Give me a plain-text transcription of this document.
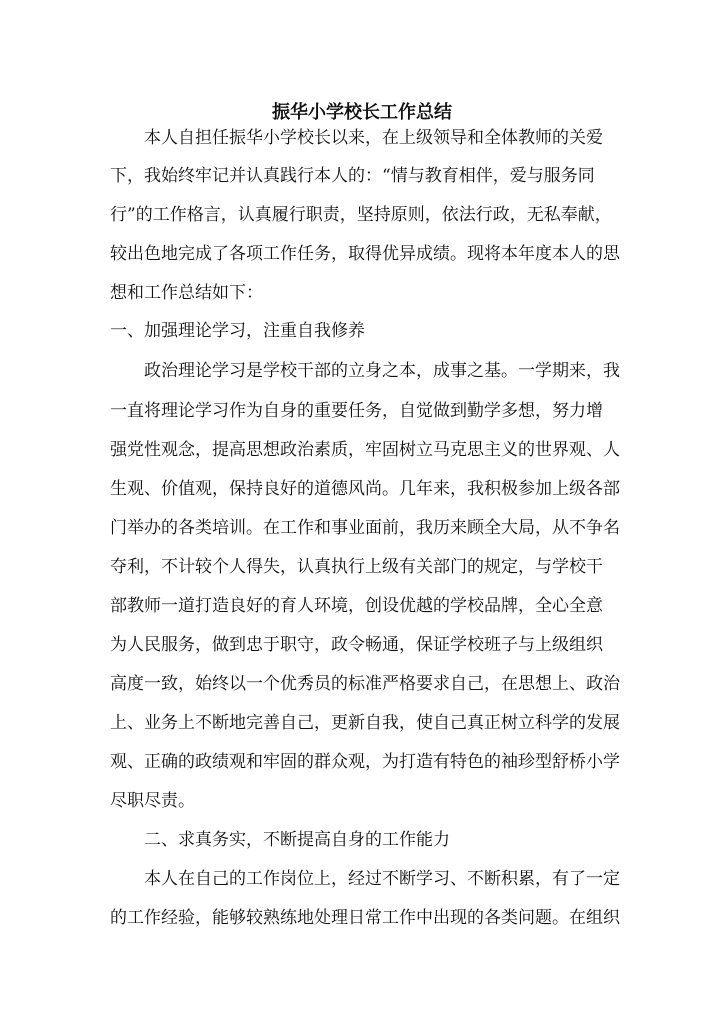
振华小学校长工作总结

本人自担任振华小学校长以来，在上级领导和全体教师的关爱

下，我始终牢记并认真践行本人的：“情与教育相伴，爱与服务同

行”的工作格言，认真履行职责，坚持原则，依法行政，无私奉献，

较出色地完成了各项工作任务，取得优异成绩。现将本年度本人的思

想和工作总结如下：

一、加强理论学习，注重自我修养

政治理论学习是学校干部的立身之本，成事之基。一学期来，我

一直将理论学习作为自身的重要任务，自觉做到勤学多想，努力增

强党性观念，提高思想政治素质，牢固树立马克思主义的世界观、人

生观、价值观，保持良好的道德风尚。几年来，我积极参加上级各部

门举办的各类培训。在工作和事业面前，我历来顾全大局，从不争名

夺利，不计较个人得失，认真执行上级有关部门的规定，与学校干

部教师一道打造良好的育人环境，创设优越的学校品牌，全心全意

为人民服务，做到忠于职守，政令畅通，保证学校班子与上级组织

高度一致，始终以一个优秀员的标准严格要求自己，在思想上、政治

上、业务上不断地完善自己，更新自我，使自己真正树立科学的发展

观、正确的政绩观和牢固的群众观，为打造有特色的袖珍型舒桥小学

尽职尽责。

二、求真务实，不断提高自身的工作能力

本人在自己的工作岗位上，经过不断学习、不断积累，有了一定

的工作经验，能够较熟练地处理日常工作中出现的各类问题。在组织
